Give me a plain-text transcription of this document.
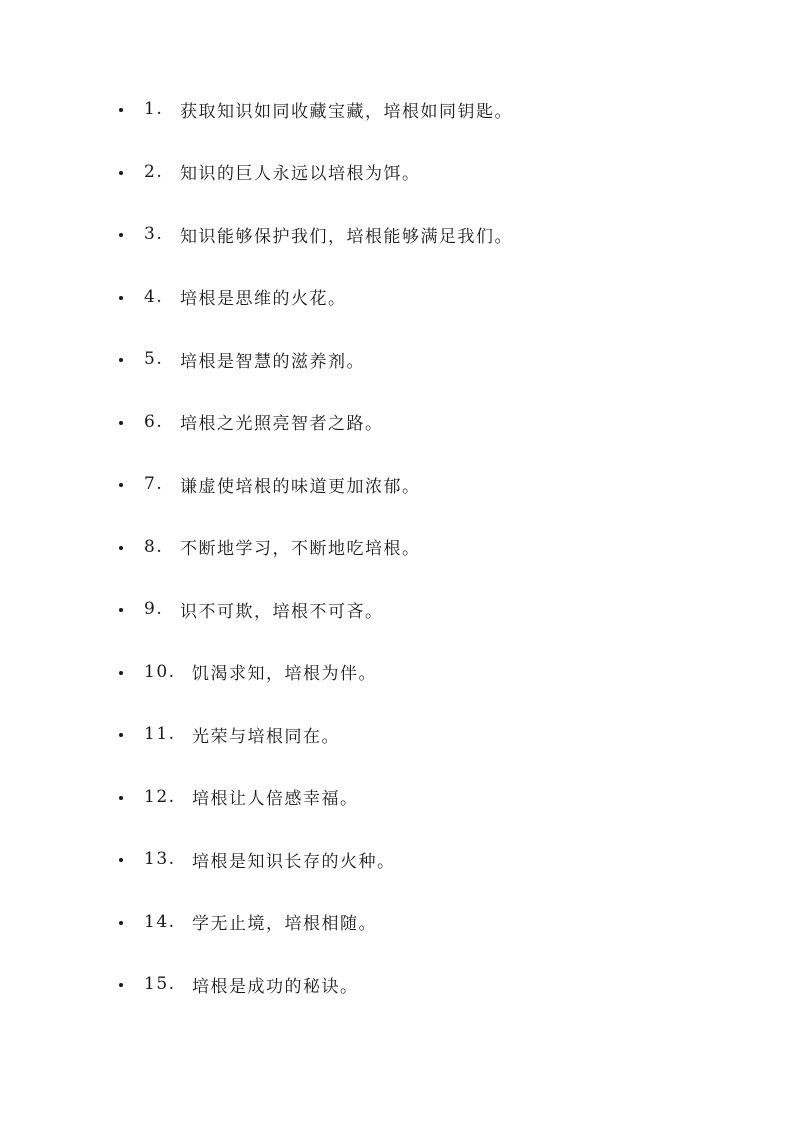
1. 获取知识如同收藏宝藏，培根如同钥匙。
2. 知识的巨人永远以培根为饵。
3. 知识能够保护我们，培根能够满足我们。
4. 培根是思维的火花。
5. 培根是智慧的滋养剂。
6. 培根之光照亮智者之路。
7. 谦虚使培根的味道更加浓郁。
8. 不断地学习，不断地吃培根。
9. 识不可欺，培根不可吝。
10. 饥渴求知，培根为伴。
11. 光荣与培根同在。
12. 培根让人倍感幸福。
13. 培根是知识长存的火种。
14. 学无止境，培根相随。
15. 培根是成功的秘诀。
